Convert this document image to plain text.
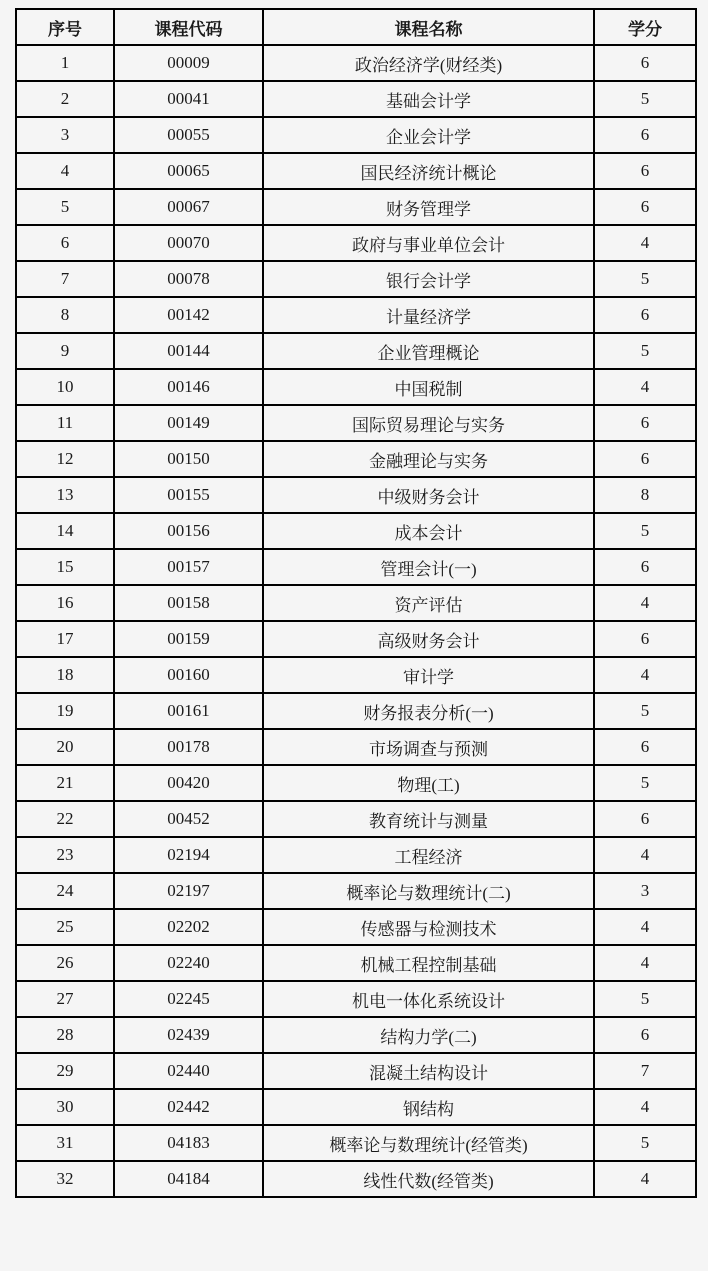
序号	课程代码	课程名称	学分
1	00009	政治经济学(财经类)	6
2	00041	基础会计学	5
3	00055	企业会计学	6
4	00065	国民经济统计概论	6
5	00067	财务管理学	6
6	00070	政府与事业单位会计	4
7	00078	银行会计学	5
8	00142	计量经济学	6
9	00144	企业管理概论	5
10	00146	中国税制	4
11	00149	国际贸易理论与实务	6
12	00150	金融理论与实务	6
13	00155	中级财务会计	8
14	00156	成本会计	5
15	00157	管理会计(一)	6
16	00158	资产评估	4
17	00159	高级财务会计	6
18	00160	审计学	4
19	00161	财务报表分析(一)	5
20	00178	市场调查与预测	6
21	00420	物理(工)	5
22	00452	教育统计与测量	6
23	02194	工程经济	4
24	02197	概率论与数理统计(二)	3
25	02202	传感器与检测技术	4
26	02240	机械工程控制基础	4
27	02245	机电一体化系统设计	5
28	02439	结构力学(二)	6
29	02440	混凝土结构设计	7
30	02442	钢结构	4
31	04183	概率论与数理统计(经管类)	5
32	04184	线性代数(经管类)	4
